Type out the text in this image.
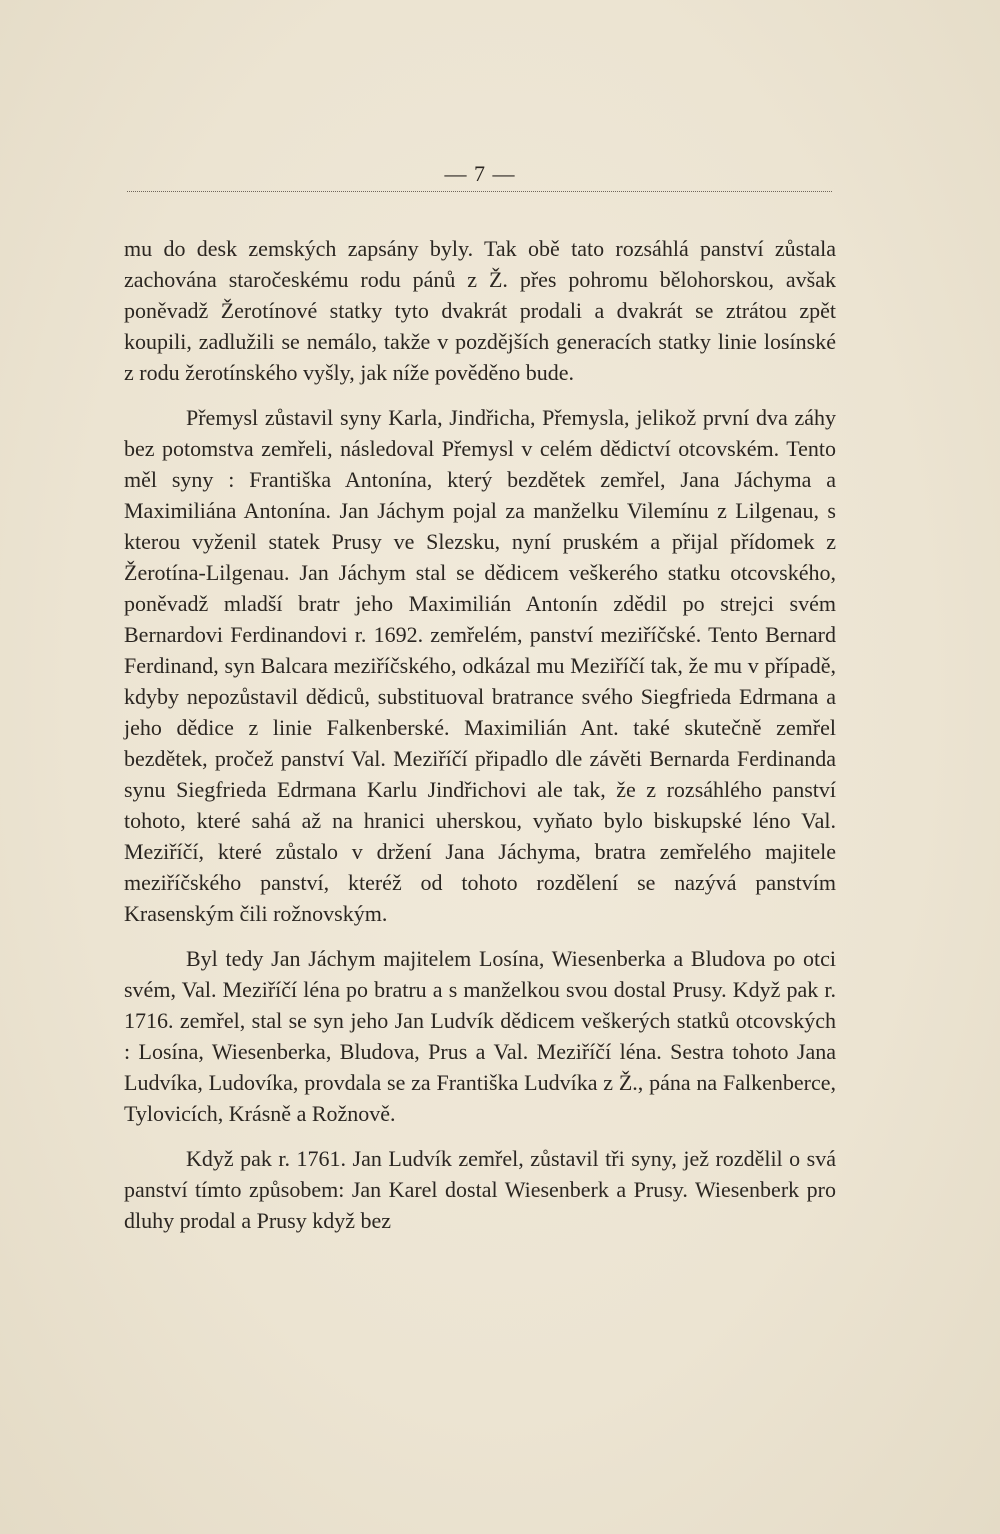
— 7 —

mu do desk zemských zapsány byly. Tak obě tato rozsáhlá panství zůstala zachována staročeskému rodu pánů z Ž. přes pohromu bělohorskou, avšak poněvadž Žerotínové statky tyto dvakrát prodali a dvakrát se ztrátou zpět koupili, zadlužili se nemálo, takže v pozdějších generacích statky linie losínské z rodu žerotínského vyšly, jak níže pověděno bude.

Přemysl zůstavil syny Karla, Jindřicha, Přemysla, jelikož první dva záhy bez potomstva zemřeli, následoval Přemysl v celém dědictví otcovském. Tento měl syny : Františka Antonína, který bezdětek zemřel, Jana Jáchyma a Maximiliána Antonína. Jan Jáchym pojal za manželku Vilemínu z Lilgenau, s kterou vyženil statek Prusy ve Slezsku, nyní pruském a přijal přídomek z Žerotína-Lilgenau. Jan Jáchym stal se dědicem veškerého statku otcovského, poněvadž mladší bratr jeho Maximilián Antonín zdědil po strejci svém Bernardovi Ferdinandovi r. 1692. zemřelém, panství meziříčské. Tento Bernard Ferdinand, syn Balcara meziříčského, odkázal mu Meziříčí tak, že mu v případě, kdyby nepozůstavil dědiců, substituoval bratrance svého Siegfrieda Edrmana a jeho dědice z linie Falkenberské. Maximilián Ant. také skutečně zemřel bezdětek, pročež panství Val. Meziříčí připadlo dle závěti Bernarda Ferdinanda synu Siegfrieda Edrmana Karlu Jindřichovi ale tak, že z rozsáhlého panství tohoto, které sahá až na hranici uherskou, vyňato bylo biskupské léno Val. Meziříčí, které zůstalo v držení Jana Jáchyma, bratra zemřelého majitele meziříčského panství, kteréž od tohoto rozdělení se nazývá panstvím Krasenským čili rožnovským.

Byl tedy Jan Jáchym majitelem Losína, Wiesenberka a Bludova po otci svém, Val. Meziříčí léna po bratru a s manželkou svou dostal Prusy. Když pak r. 1716. zemřel, stal se syn jeho Jan Ludvík dědicem veškerých statků otcovských : Losína, Wiesenberka, Bludova, Prus a Val. Meziříčí léna. Sestra tohoto Jana Ludvíka, Ludovíka, provdala se za Františka Ludvíka z Ž., pána na Falkenberce, Tylovicích, Krásně a Rožnově.

Když pak r. 1761. Jan Ludvík zemřel, zůstavil tři syny, jež rozdělil o svá panství tímto způsobem: Jan Karel dostal Wiesenberk a Prusy. Wiesenberk pro dluhy prodal a Prusy když bez
